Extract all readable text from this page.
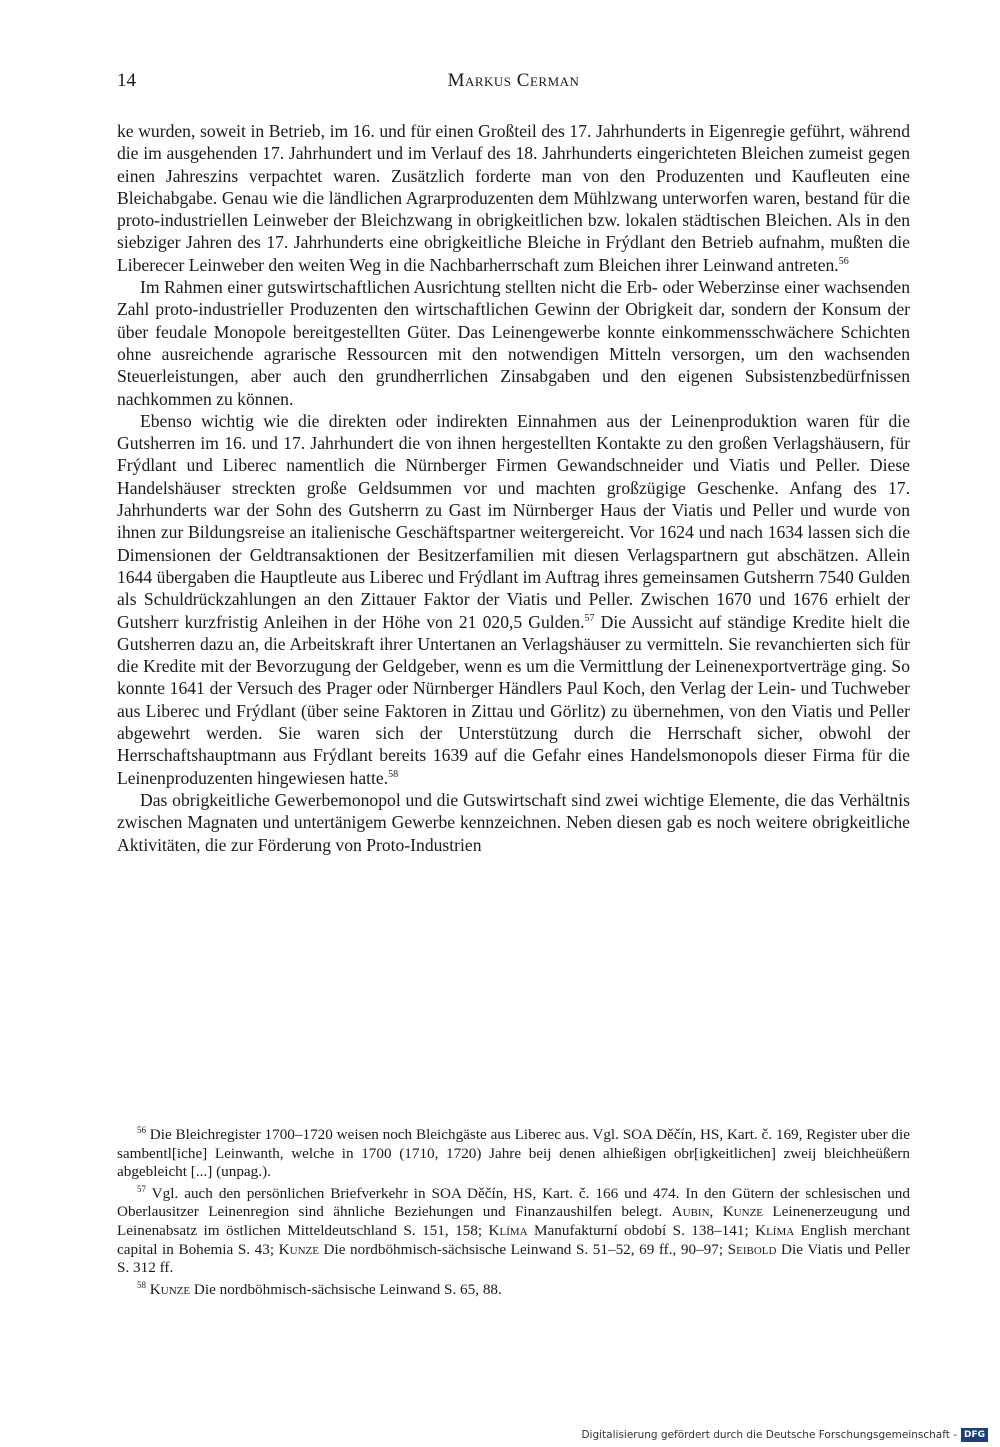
14	Markus Cerman

ke wurden, soweit in Betrieb, im 16. und für einen Großteil des 17. Jahrhunderts in Eigenregie geführt, während die im ausgehenden 17. Jahrhundert und im Verlauf des 18. Jahrhunderts eingerichteten Bleichen zumeist gegen einen Jahreszins verpachtet waren. Zusätzlich forderte man von den Produzenten und Kaufleuten eine Bleichabgabe. Genau wie die ländlichen Agrarproduzenten dem Mühlzwang unterworfen waren, bestand für die proto-industriellen Leinweber der Bleichzwang in obrigkeitlichen bzw. lokalen städtischen Bleichen. Als in den siebziger Jahren des 17. Jahrhunderts eine obrigkeitliche Bleiche in Frýdlant den Betrieb aufnahm, mußten die Liberecer Leinweber den weiten Weg in die Nachbarherrschaft zum Bleichen ihrer Leinwand antreten.$^{56}$

Im Rahmen einer gutswirtschaftlichen Ausrichtung stellten nicht die Erb- oder Weberzinse einer wachsenden Zahl proto-industrieller Produzenten den wirtschaftlichen Gewinn der Obrigkeit dar, sondern der Konsum der über feudale Monopole bereitgestellten Güter. Das Leinengewerbe konnte einkommensschwächere Schichten ohne ausreichende agrarische Ressourcen mit den notwendigen Mitteln versorgen, um den wachsenden Steuerleistungen, aber auch den grundherrlichen Zinsabgaben und den eigenen Subsistenzbedürfnissen nachkommen zu können.

Ebenso wichtig wie die direkten oder indirekten Einnahmen aus der Leinenproduktion waren für die Gutsherren im 16. und 17. Jahrhundert die von ihnen hergestellten Kontakte zu den großen Verlagshäusern, für Frýdlant und Liberec namentlich die Nürnberger Firmen Gewandschneider und Viatis und Peller. Diese Handelshäuser streckten große Geldsummen vor und machten großzügige Geschenke. Anfang des 17. Jahrhunderts war der Sohn des Gutsherrn zu Gast im Nürnberger Haus der Viatis und Peller und wurde von ihnen zur Bildungsreise an italienische Geschäftspartner weitergereicht. Vor 1624 und nach 1634 lassen sich die Dimensionen der Geldtransaktionen der Besitzerfamilien mit diesen Verlagspartnern gut abschätzen. Allein 1644 übergaben die Hauptleute aus Liberec und Frýdlant im Auftrag ihres gemeinsamen Gutsherrn 7540 Gulden als Schuldrückzahlungen an den Zittauer Faktor der Viatis und Peller. Zwischen 1670 und 1676 erhielt der Gutsherr kurzfristig Anleihen in der Höhe von 21 020,5 Gulden.$^{57}$ Die Aussicht auf ständige Kredite hielt die Gutsherren dazu an, die Arbeitskraft ihrer Untertanen an Verlagshäuser zu vermitteln. Sie revanchierten sich für die Kredite mit der Bevorzugung der Geldgeber, wenn es um die Vermittlung der Leinenexportverträge ging. So konnte 1641 der Versuch des Prager oder Nürnberger Händlers Paul Koch, den Verlag der Lein- und Tuchweber aus Liberec und Frýdlant (über seine Faktoren in Zittau und Görlitz) zu übernehmen, von den Viatis und Peller abgewehrt werden. Sie waren sich der Unterstützung durch die Herrschaft sicher, obwohl der Herrschaftshauptmann aus Frýdlant bereits 1639 auf die Gefahr eines Handelsmonopols dieser Firma für die Leinenproduzenten hingewiesen hatte.$^{58}$

Das obrigkeitliche Gewerbemonopol und die Gutswirtschaft sind zwei wichtige Elemente, die das Verhältnis zwischen Magnaten und untertänigem Gewerbe kennzeichnen. Neben diesen gab es noch weitere obrigkeitliche Aktivitäten, die zur Förderung von Proto-Industrien

$^{56}$ Die Bleichregister 1700–1720 weisen noch Bleichgäste aus Liberec aus. Vgl. SOA Děčín, HS, Kart. č. 169, Register uber die sambentl[iche] Leinwanth, welche in 1700 (1710, 1720) Jahre beij denen alhießigen obr[igkeitlichen] zweij bleichheüßern abgebleicht [...] (unpag.).

$^{57}$ Vgl. auch den persönlichen Briefverkehr in SOA Děčín, HS, Kart. č. 166 und 474. In den Gütern der schlesischen und Oberlausitzer Leinenregion sind ähnliche Beziehungen und Finanzaushilfen belegt. Aubin, Kunze Leinenerzeugung und Leinenabsatz im östlichen Mitteldeutschland S. 151, 158; Klíma Manufakturní období S. 138–141; Klíma English merchant capital in Bohemia S. 43; Kunze Die nordböhmisch-sächsische Leinwand S. 51–52, 69 ff., 90–97; Seibold Die Viatis und Peller S. 312 ff.

$^{58}$ Kunze Die nordböhmisch-sächsische Leinwand S. 65, 88.

Digitalisierung gefördert durch die Deutsche Forschungsgemeinschaft - DFG
